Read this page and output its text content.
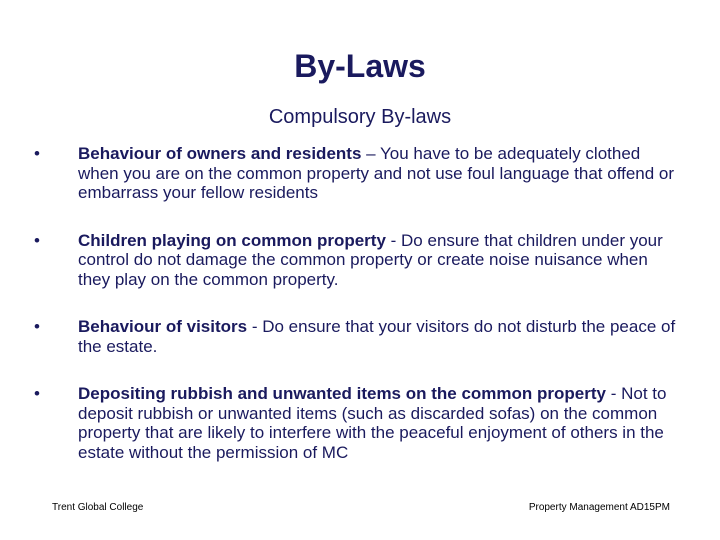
By-Laws
Compulsory By-laws
• Behaviour of owners and residents – You have to be adequately clothed when you are on the common property and not use foul language that offend or embarrass your fellow residents
• Children playing on common property - Do ensure that children under your control do not damage the common property or create noise nuisance when they play on the common property.
• Behaviour of visitors - Do ensure that your visitors do not disturb the peace of the estate.
• Depositing rubbish and unwanted items on the common property - Not to deposit rubbish or unwanted items (such as discarded sofas) on the common property that are likely to interfere with the peaceful enjoyment of others in the estate without the permission of MC
Trent Global College	Property Management AD15PM
